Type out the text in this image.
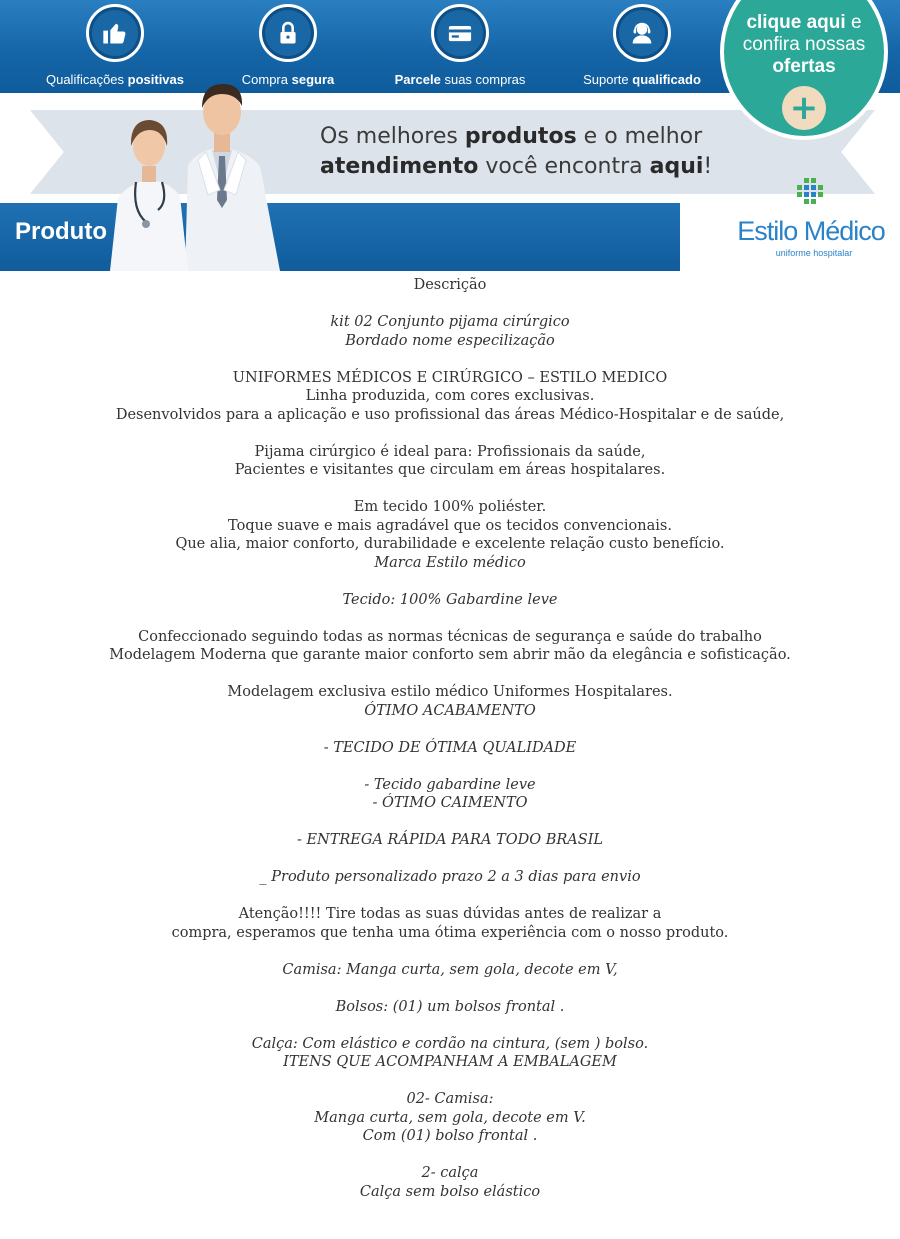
Qualificações positivas	Compra segura	Parcele suas compras	Suporte qualificado
Os melhores produtos e o melhor
atendimento você encontra aqui!
Produto
clique aqui e
confira nossas
ofertas
+
Estilo Médico
uniforme hospitalar
Descrição
kit 02 Conjunto pijama cirúrgico
Bordado nome especilização
UNIFORMES MÉDICOS E CIRÚRGICO – ESTILO MEDICO
Linha produzida, com cores exclusivas.
Desenvolvidos para a aplicação e uso profissional das áreas Médico-Hospitalar e de saúde,
Pijama cirúrgico é ideal para: Profissionais da saúde,
Pacientes e visitantes que circulam em áreas hospitalares.
Em tecido 100% poliéster.
Toque suave e mais agradável que os tecidos convencionais.
Que alia, maior conforto, durabilidade e excelente relação custo benefício.
Marca Estilo médico
Tecido: 100% Gabardine leve
Confeccionado seguindo todas as normas técnicas de segurança e saúde do trabalho
Modelagem Moderna que garante maior conforto sem abrir mão da elegância e sofisticação.
Modelagem exclusiva estilo médico Uniformes Hospitalares.
ÓTIMO ACABAMENTO
- TECIDO DE ÓTIMA QUALIDADE
- Tecido gabardine leve
- ÓTIMO CAIMENTO
- ENTREGA RÁPIDA PARA TODO BRASIL
_ Produto personalizado prazo 2 a 3 dias para envio
Atenção!!!! Tire todas as suas dúvidas antes de realizar a
compra, esperamos que tenha uma ótima experiência com o nosso produto.
Camisa: Manga curta, sem gola, decote em V,
Bolsos: (01) um bolsos frontal .
Calça: Com elástico e cordão na cintura, (sem ) bolso.
ITENS QUE ACOMPANHAM A EMBALAGEM
02- Camisa:
Manga curta, sem gola, decote em V.
Com (01) bolso frontal .
2- calça
Calça sem bolso elástico
